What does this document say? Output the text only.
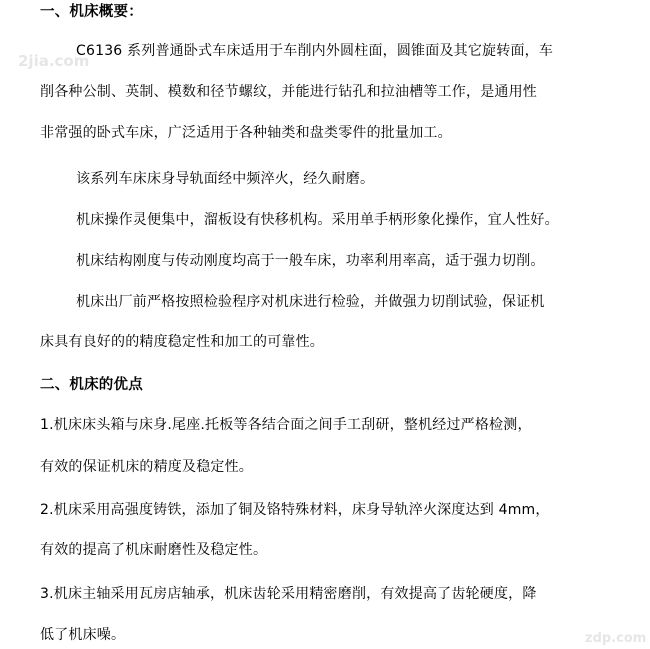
2jia.com
zdp.com
一、机床概要：
C6136 系列普通卧式车床适用于车削内外圆柱面，圆锥面及其它旋转面，车
削各种公制、英制、模数和径节螺纹，并能进行钻孔和拉油槽等工作，是通用性
非常强的卧式车床，广泛适用于各种轴类和盘类零件的批量加工。
该系列车床床身导轨面经中频淬火，经久耐磨。
机床操作灵便集中，溜板设有快移机构。采用单手柄形象化操作，宜人性好。
机床结构刚度与传动刚度均高于一般车床，功率利用率高，适于强力切削。
机床出厂前严格按照检验程序对机床进行检验，并做强力切削试验，保证机
床具有良好的的精度稳定性和加工的可靠性。
二、机床的优点
1.机床床头箱与床身.尾座.托板等各结合面之间手工刮研，整机经过严格检测，
有效的保证机床的精度及稳定性。
2.机床采用高强度铸铁，添加了铜及铬特殊材料，床身导轨淬火深度达到 4mm，
有效的提高了机床耐磨性及稳定性。
3.机床主轴采用瓦房店轴承，机床齿轮采用精密磨削，有效提高了齿轮硬度，降
低了机床噪。
